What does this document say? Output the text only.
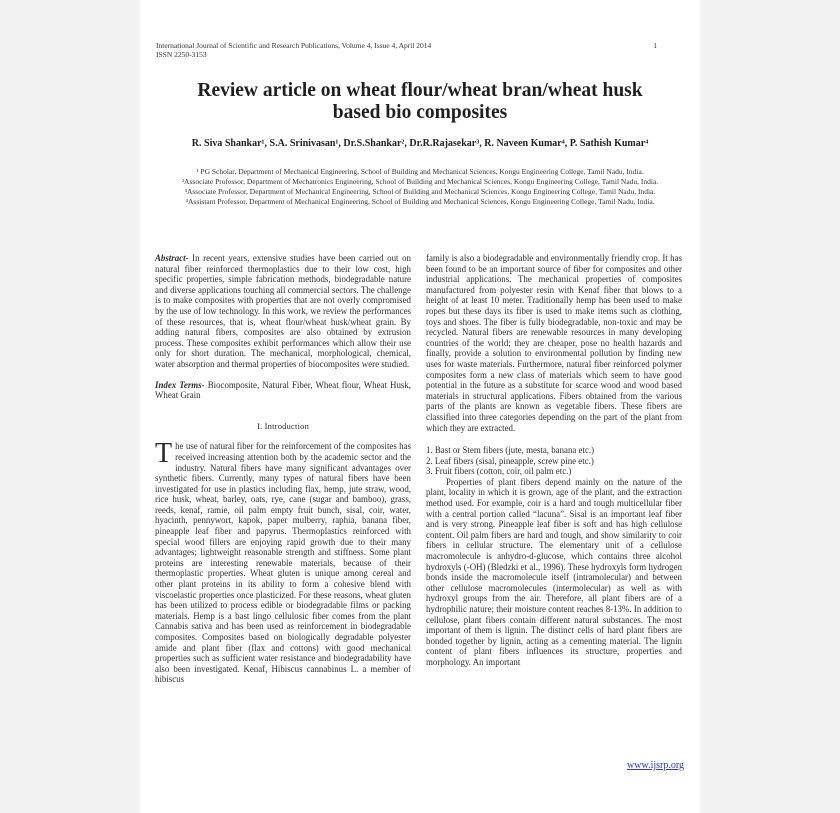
International Journal of Scientific and Research Publications, Volume 4, Issue 4, April 2014
ISSN 2250-3153
1
Review article on wheat flour/wheat bran/wheat husk
based bio composites
R. Siva Shankar¹, S.A. Srinivasan¹, Dr.S.Shankar², Dr.R.Rajasekar³, R. Naveen Kumar⁴, P. Sathish Kumar⁴

¹ PG Scholar, Department of Mechanical Engineering, School of Building and Mechanical Sciences, Kongu Engineering College, Tamil Nadu, India.

²Associate Professor, Department of Mechatronics Engineering, School of Building and Mechanical Sciences, Kongu Engineering College, Tamil Nadu, India.

³Associate Professor, Department of Mechanical Engineering, School of Building and Mechanical Sciences, Kongu Engineering College, Tamil Nadu, India.

⁴Assistant Professor, Department of Mechanical Engineering, School of Building and Mechanical Sciences, Kongu Engineering College, Tamil Nadu, India.

Abstract- In recent years, extensive studies have been carried out on natural fiber reinforced thermoplastics due to their low cost, high specific properties, simple fabrication methods, biodegradable nature and diverse applications touching all commercial sectors. The challenge is to make composites with properties that are not overly compromised by the use of low technology. In this work, we review the performances of these resources, that is, wheat flour/wheat husk/wheat grain. By adding natural fibers, composites are also obtained by extrusion process. These composites exhibit performances which allow their use only for short duration. The mechanical, morphological, chemical, water absorption and thermal properties of biocomposites were studied.

Index Terms- Biocomposite, Natural Fiber, Wheat flour, Wheat Husk, Wheat Grain

I. Introduction

The use of natural fiber for the reinforcement of the composites has received increasing attention both by the academic sector and the industry. Natural fibers have many significant advantages over synthetic fibers. Currently, many types of natural fibers have been investigated for use in plastics including flax, hemp, jute straw, wood, rice husk, wheat, barley, oats, rye, cane (sugar and bamboo), grass, reeds, kenaf, ramie, oil palm empty fruit bunch, sisal, coir, water, hyacinth, pennywort, kapok, paper mulberry, raphia, banana fiber, pineapple leaf fiber and papyrus. Thermoplastics reinforced with special wood fillers are enjoying rapid growth due to their many advantages; lightweight reasonable strength and stiffness. Some plant proteins are interesting renewable materials, because of their thermoplastic properties. Wheat gluten is unique among cereal and other plant proteins in its ability to form a cohesive blend with viscoelastic properties once plasticized. For these reasons, wheat gluten has been utilized to process edible or biodegradable films or packing materials. Hemp is a bast lingo cellulosic fiber comes from the plant Cannabis sativa and has been used as reinforcement in biodegradable composites. Composites based on biologically degradable polyester amide and plant fiber (flax and cottons) with good mechanical properties such as sufficient water resistance and biodegradability have also been investigated. Kenaf, Hibiscus cannabinus L. a member of hibiscus

family is also a biodegradable and environmentally friendly crop. It has been found to be an important source of fiber for composites and other industrial applications. The mechanical properties of composites manufactured from polyester resin with Kenaf fiber that blows to a height of at least 10 meter. Traditionally hemp has been used to make ropes but these days its fiber is used to make items such as clothing, toys and shoes. The fiber is fully biodegradable, non-toxic and may be recycled. Natural fibers are renewable resources in many developing countries of the world; they are cheaper, pose no health hazards and finally, provide a solution to environmental pollution by finding new uses for waste materials. Furthermore, natural fiber reinforced polymer composites form a new class of materials which seem to have good potential in the future as a substitute for scarce wood and wood based materials in structural applications. Fibers obtained from the various parts of the plants are known as vegetable fibers. These fibers are classified into three categories depending on the part of the plant from which they are extracted.

1. Bast or Stem fibers (jute, mesta, banana etc.)
2. Leaf fibers (sisal, pineapple, screw pine etc.)
3. Fruit fibers (cotton, coir, oil palm etc.)

Properties of plant fibers depend mainly on the nature of the plant, locality in which it is grown, age of the plant, and the extraction method used. For example, coir is a hard and tough multicellular fiber with a central portion called “lacuna”. Sisal is an important leaf fiber and is very strong. Pineapple leaf fiber is soft and has high cellulose content. Oil palm fibers are hard and tough, and show similarity to coir fibers in cellular structure. The elementary unit of a cellulose macromolecule is anhydro-d-glucose, which contains three alcohol hydroxyls (-OH) (Bledzki et al., 1996). These hydroxyls form hydrogen bonds inside the macromolecule itself (intramolecular) and between other cellulose macromolecules (intermolecular) as well as with hydroxyl groups from the air. Therefore, all plant fibers are of a hydrophilic nature; their moisture content reaches 8-13%. In addition to cellulose, plant fibers contain different natural substances. The most important of them is lignin. The distinct cells of hard plant fibers are bonded together by lignin, acting as a cementing material. The lignin content of plant fibers influences its structure, properties and morphology. An important

www.ijsrp.org
